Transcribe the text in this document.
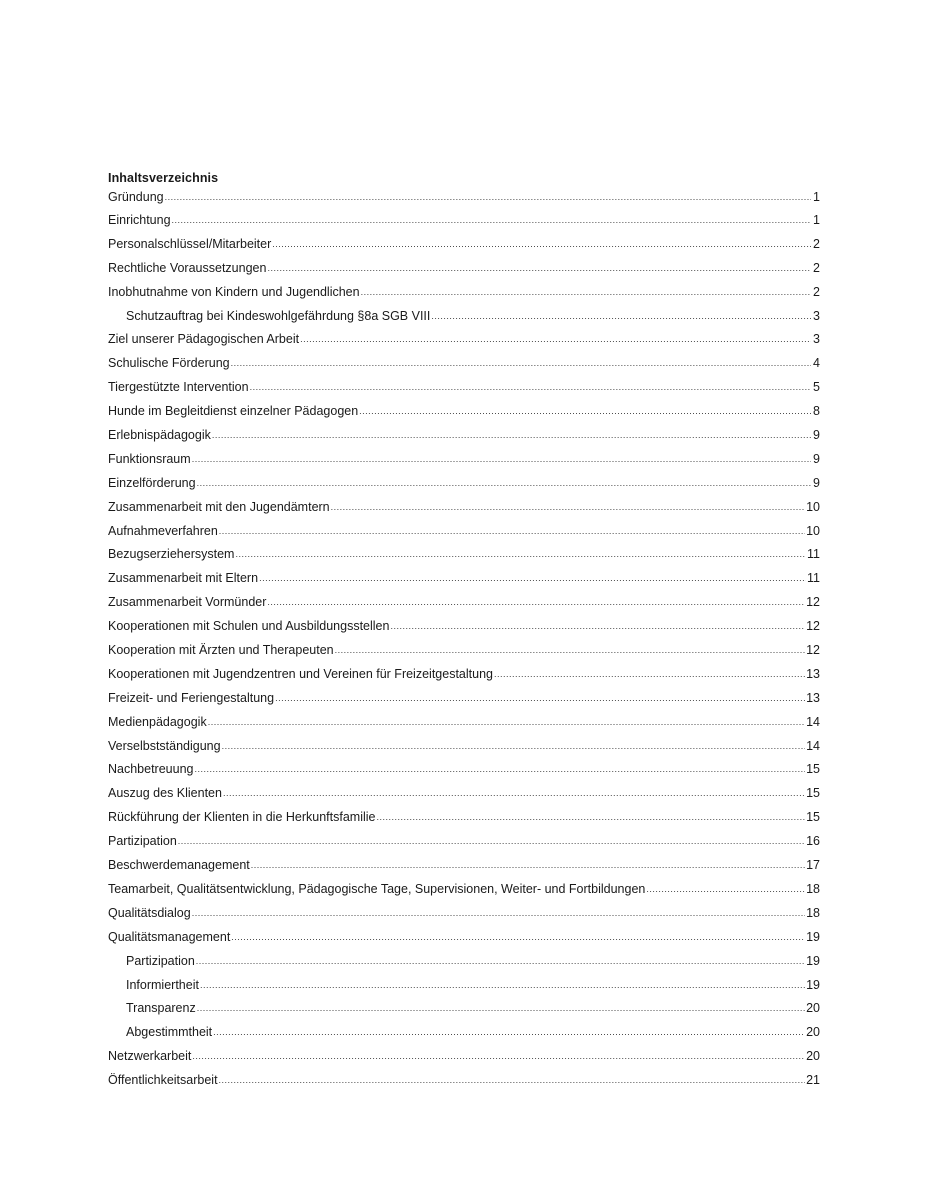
Inhaltsverzeichnis
Gründung .....	1
Einrichtung .....	1
Personalschlüssel/Mitarbeiter .....	2
Rechtliche Voraussetzungen .....	2
Inobhutnahme von Kindern und Jugendlichen .....	2
Schutzauftrag bei Kindeswohlgefährdung §8a SGB VIII .....	3
Ziel unserer Pädagogischen Arbeit .....	3
Schulische Förderung .....	4
Tiergestützte Intervention .....	5
Hunde im Begleitdienst einzelner Pädagogen .....	8
Erlebnispädagogik .....	9
Funktionsraum .....	9
Einzelförderung .....	9
Zusammenarbeit mit den Jugendämtern .....	10
Aufnahmeverfahren .....	10
Bezugserziehersystem .....	11
Zusammenarbeit mit Eltern .....	11
Zusammenarbeit Vormünder .....	12
Kooperationen mit Schulen und Ausbildungsstellen .....	12
Kooperation mit Ärzten und Therapeuten .....	12
Kooperationen mit Jugendzentren und Vereinen für Freizeitgestaltung .....	13
Freizeit- und Feriengestaltung .....	13
Medienpädagogik .....	14
Verselbstständigung .....	14
Nachbetreuung .....	15
Auszug des Klienten .....	15
Rückführung der Klienten in die Herkunftsfamilie .....	15
Partizipation .....	16
Beschwerdemanagement .....	17
Teamarbeit, Qualitätsentwicklung, Pädagogische Tage, Supervisionen, Weiter- und Fortbildungen .....	18
Qualitätsdialog .....	18
Qualitätsmanagement .....	19
Partizipation .....	19
Informiertheit .....	19
Transparenz .....	20
Abgestimmtheit .....	20
Netzwerkarbeit .....	20
Öffentlichkeitsarbeit .....	21
